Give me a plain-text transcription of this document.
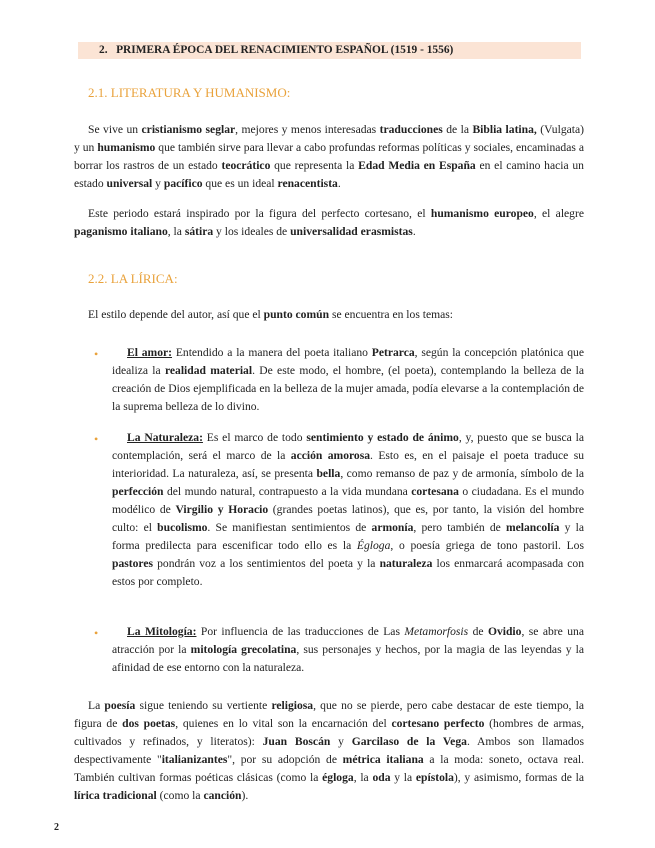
2. PRIMERA ÉPOCA DEL RENACIMIENTO ESPAÑOL (1519 - 1556)
2.1. LITERATURA Y HUMANISMO:
Se vive un cristianismo seglar, mejores y menos interesadas traducciones de la Biblia latina, (Vulgata) y un humanismo que también sirve para llevar a cabo profundas reformas políticas y sociales, encaminadas a borrar los rastros de un estado teocrático que representa la Edad Media en España en el camino hacia un estado universal y pacífico que es un ideal renacentista.
Este periodo estará inspirado por la figura del perfecto cortesano, el humanismo europeo, el alegre paganismo italiano, la sátira y los ideales de universalidad erasmistas.
2.2. LA LÍRICA:
El estilo depende del autor, así que el punto común se encuentra en los temas:
•	El amor: Entendido a la manera del poeta italiano Petrarca, según la concepción platónica que idealiza la realidad material. De este modo, el hombre, (el poeta), contemplando la belleza de la creación de Dios ejemplificada en la belleza de la mujer amada, podía elevarse a la contemplación de la suprema belleza de lo divino.
•	La Naturaleza: Es el marco de todo sentimiento y estado de ánimo, y, puesto que se busca la contemplación, será el marco de la acción amorosa. Esto es, en el paisaje el poeta traduce su interioridad. La naturaleza, así, se presenta bella, como remanso de paz y de armonía, símbolo de la perfección del mundo natural, contrapuesto a la vida mundana cortesana o ciudadana. Es el mundo modélico de Virgilio y Horacio (grandes poetas latinos), que es, por tanto, la visión del hombre culto: el bucolismo. Se manifiestan sentimientos de armonía, pero también de melancolía y la forma predilecta para escenificar todo ello es la Égloga, o poesía griega de tono pastoril. Los pastores pondrán voz a los sentimientos del poeta y la naturaleza los enmarcará acompasada con estos por completo.
•	La Mitología: Por influencia de las traducciones de Las Metamorfosis de Ovidio, se abre una atracción por la mitología grecolatina, sus personajes y hechos, por la magia de las leyendas y la afinidad de ese entorno con la naturaleza.
La poesía sigue teniendo su vertiente religiosa, que no se pierde, pero cabe destacar de este tiempo, la figura de dos poetas, quienes en lo vital son la encarnación del cortesano perfecto (hombres de armas, cultivados y refinados, y literatos): Juan Boscán y Garcilaso de la Vega. Ambos son llamados despectivamente "italianizantes", por su adopción de métrica italiana a la moda: soneto, octava real. También cultivan formas poéticas clásicas (como la égloga, la oda y la epístola), y asimismo, formas de la lírica tradicional (como la canción).
2
